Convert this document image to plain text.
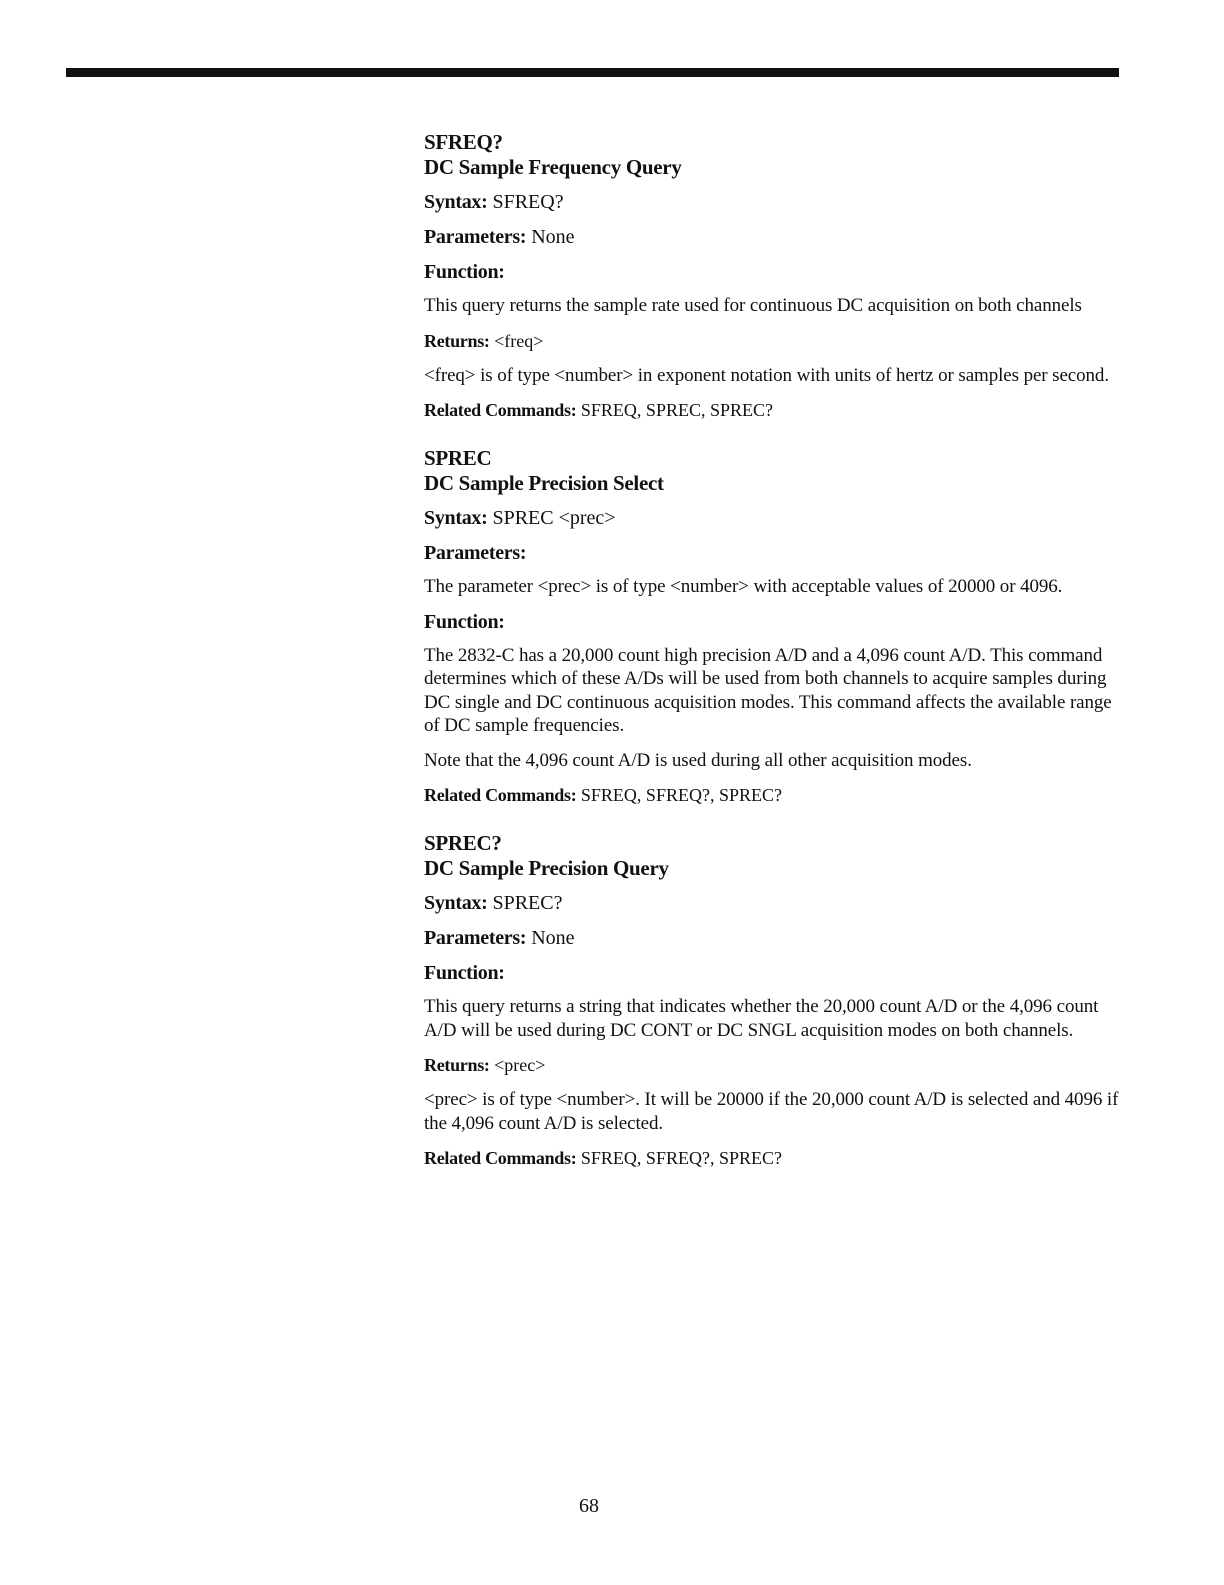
SFREQ?

DC Sample Frequency Query

Syntax: SFREQ?

Parameters: None

Function:

This query returns the sample rate used for continuous DC acquisition on both channels

Returns: <freq>

<freq> is of type <number> in exponent notation with units of hertz or samples per second.

Related Commands: SFREQ, SPREC, SPREC?

SPREC

DC Sample Precision Select

Syntax: SPREC <prec>

Parameters:

The parameter <prec> is of type <number> with acceptable values of 20000 or 4096.

Function:

The 2832-C has a 20,000 count high precision A/D and a 4,096 count A/D. This command determines which of these A/Ds will be used from both channels to acquire samples during DC single and DC continuous acquisition modes. This command affects the available range of DC sample frequencies.

Note that the 4,096 count A/D is used during all other acquisition modes.

Related Commands: SFREQ, SFREQ?, SPREC?

SPREC?

DC Sample Precision Query

Syntax: SPREC?

Parameters: None

Function:

This query returns a string that indicates whether the 20,000 count A/D or the 4,096 count A/D will be used during DC CONT or DC SNGL acquisition modes on both channels.

Returns: <prec>

<prec> is of type <number>. It will be 20000 if the 20,000 count A/D is selected and 4096 if the 4,096 count A/D is selected.

Related Commands: SFREQ, SFREQ?, SPREC?

68
